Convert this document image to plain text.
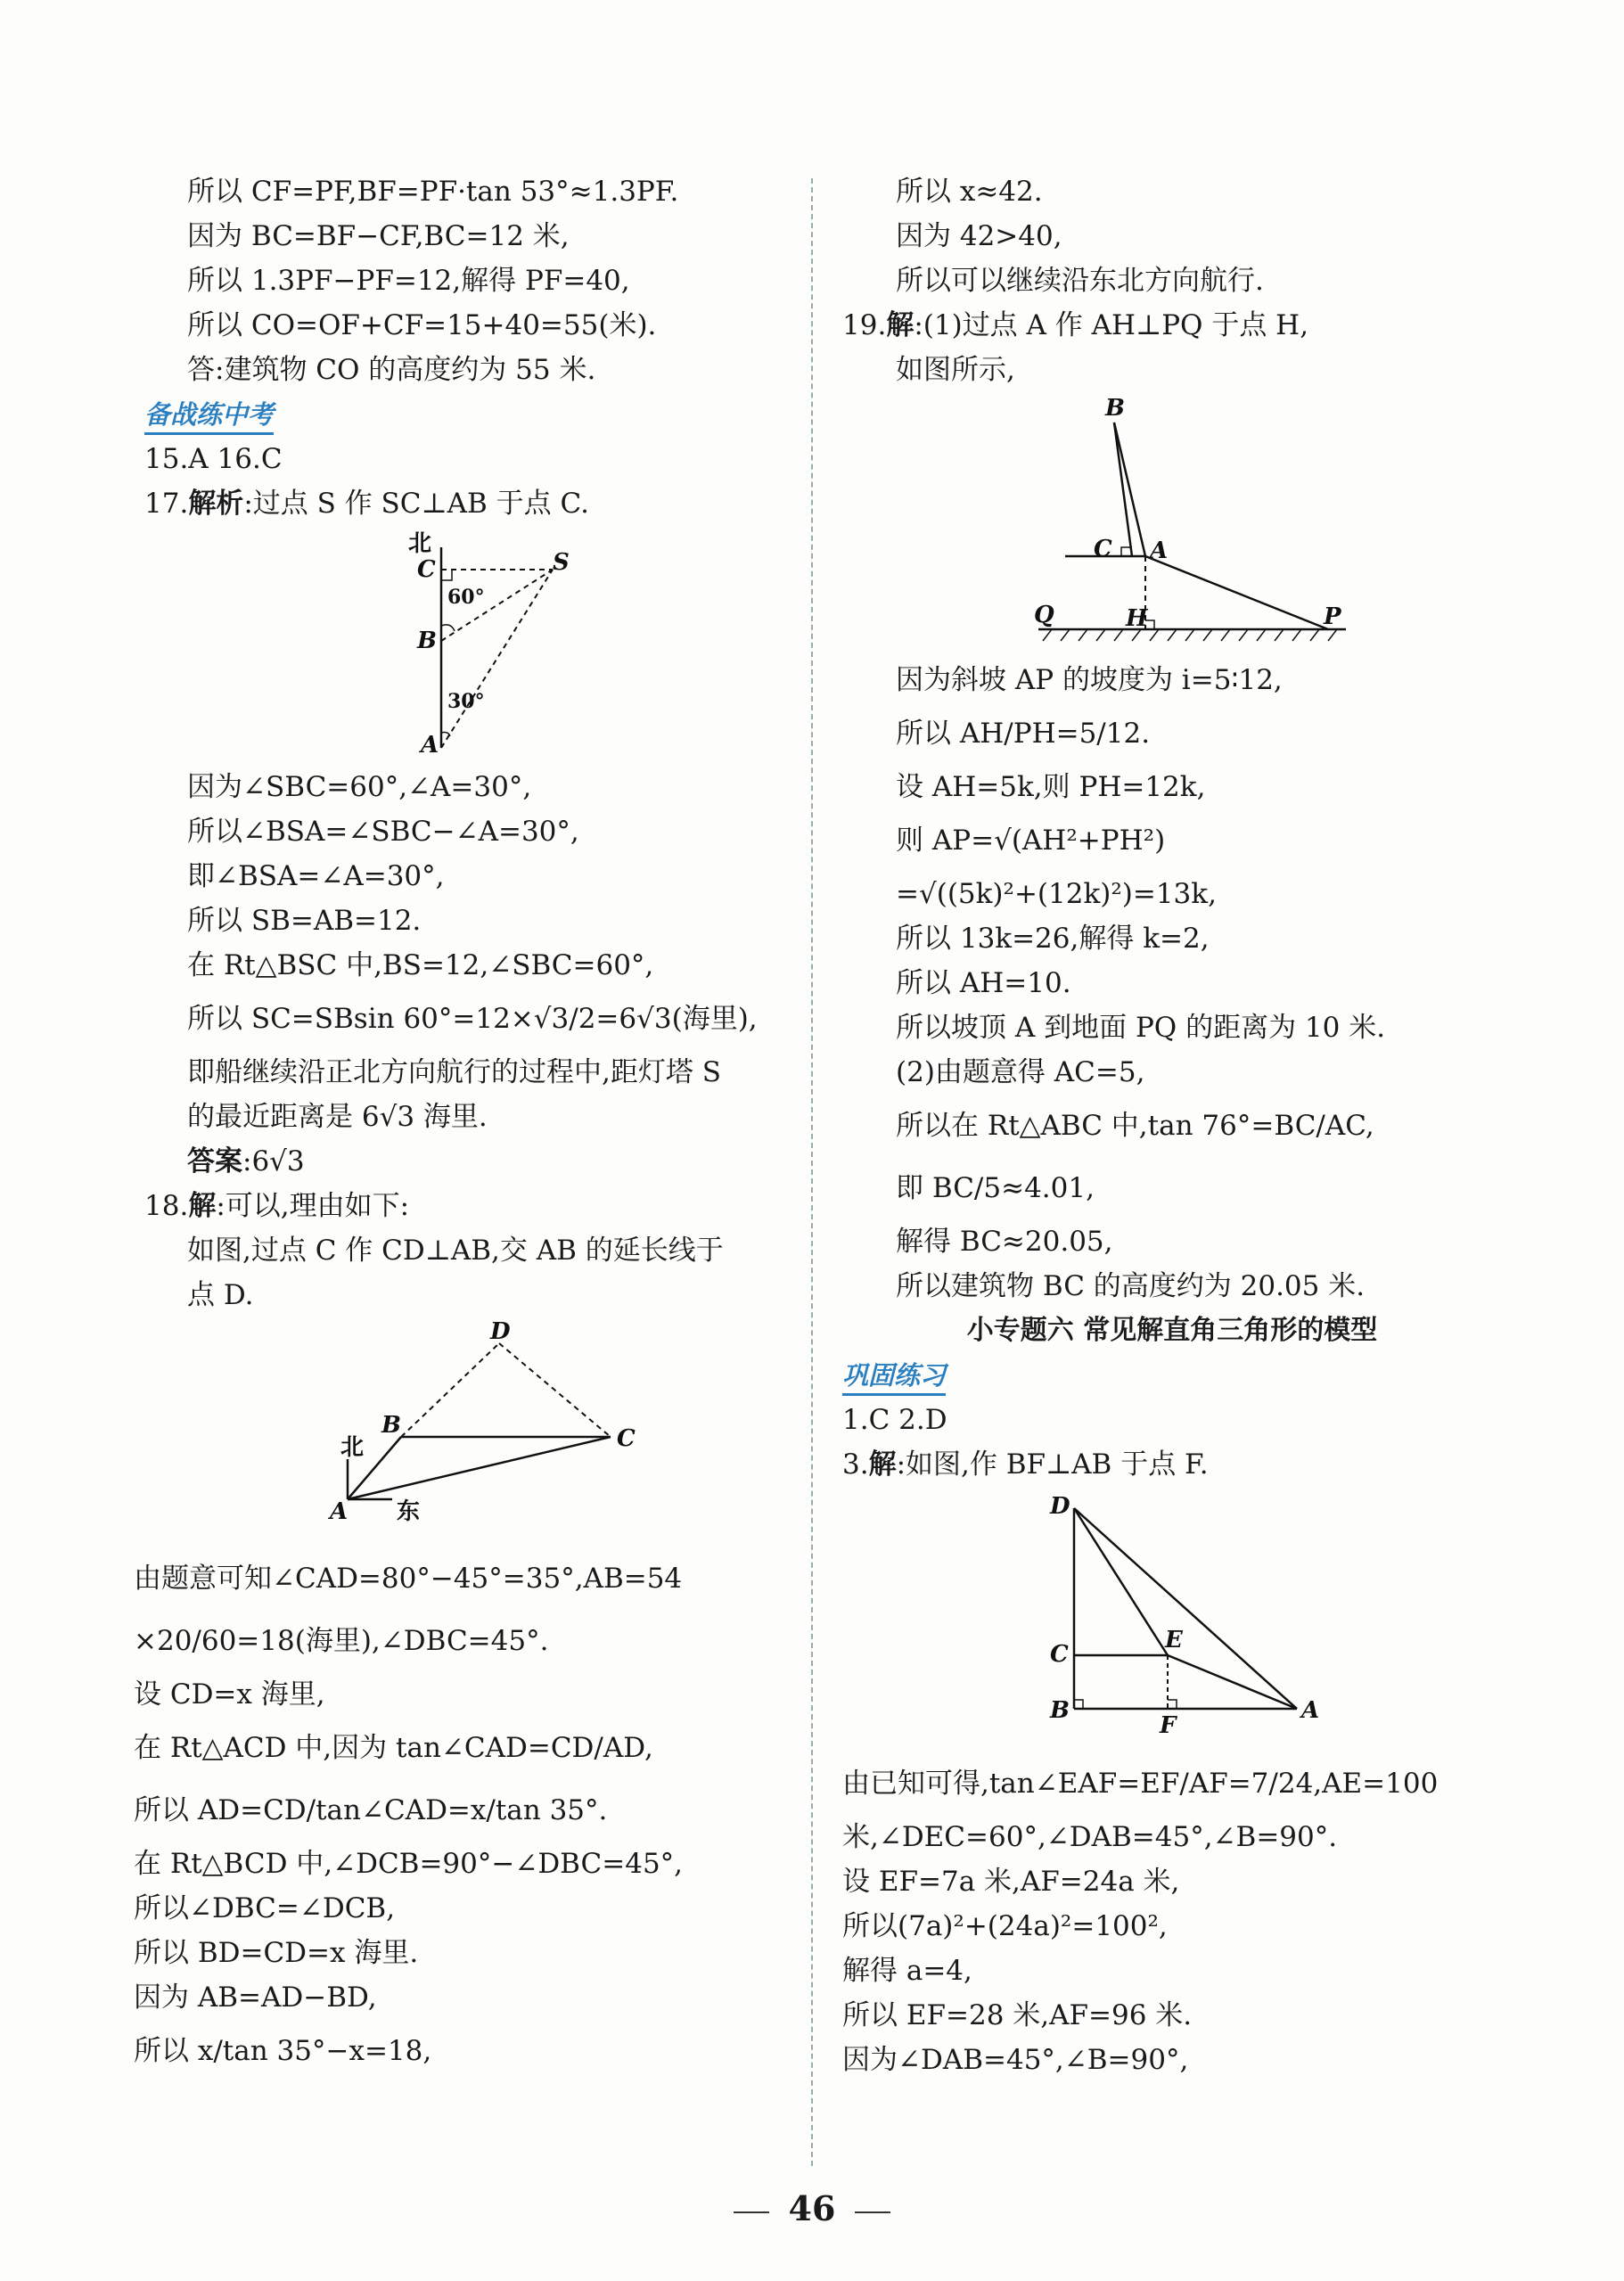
所以 CF=PF,BF=PF·tan 53°≈1.3PF.
因为 BC=BF−CF,BC=12 米,
所以 1.3PF−PF=12,解得 PF=40,
所以 CO=OF+CF=15+40=55(米).
答:建筑物 CO 的高度约为 55 米.
备战练中考
15.A 16.C
17.解析:过点 S 作 SC⊥AB 于点 C.
北
C	S
B
A
60°
30°
因为∠SBC=60°,∠A=30°,
所以∠BSA=∠SBC−∠A=30°,
即∠BSA=∠A=30°,
所以 SB=AB=12.
在 Rt△BSC 中,BS=12,∠SBC=60°,
所以 SC=SBsin 60°=12×√3/2=6√3(海里),
即船继续沿正北方向航行的过程中,距灯塔 S
的最近距离是 6√3 海里.
答案:6√3
18.解:可以,理由如下:
如图,过点 C 作 CD⊥AB,交 AB 的延长线于
点 D.
北
东
D
B	C
A
由题意可知∠CAD=80°−45°=35°,AB=54
×20/60=18(海里),∠DBC=45°.
设 CD=x 海里,
在 Rt△ACD 中,因为 tan∠CAD=CD/AD,
所以 AD=CD/tan∠CAD=x/tan 35°.
在 Rt△BCD 中,∠DCB=90°−∠DBC=45°,
所以∠DBC=∠DCB,
所以 BD=CD=x 海里.
因为 AB=AD−BD,
所以 x/tan 35°−x=18,
所以 x≈42.
因为 42>40,
所以可以继续沿东北方向航行.
19.解:(1)过点 A 作 AH⊥PQ 于点 H,
如图所示,
B
C A
Q	H	P
因为斜坡 AP 的坡度为 i=5∶12,
所以 AH/PH=5/12.
设 AH=5k,则 PH=12k,
则 AP=√(AH²+PH²)
=√((5k)²+(12k)²)=13k,
所以 13k=26,解得 k=2,
所以 AH=10.
所以坡顶 A 到地面 PQ 的距离为 10 米.
(2)由题意得 AC=5,
所以在 Rt△ABC 中,tan 76°=BC/AC,
即 BC/5≈4.01,
解得 BC≈20.05,
所以建筑物 BC 的高度约为 20.05 米.
小专题六 常见解直角三角形的模型
巩固练习
1.C 2.D
3.解:如图,作 BF⊥AB 于点 F.
D
C
E
B
F
A
由已知可得,tan∠EAF=EF/AF=7/24,AE=100
米,∠DEC=60°,∠DAB=45°,∠B=90°.
设 EF=7a 米,AF=24a 米,
所以(7a)²+(24a)²=100²,
解得 a=4,
所以 EF=28 米,AF=96 米.
因为∠DAB=45°,∠B=90°,
46
